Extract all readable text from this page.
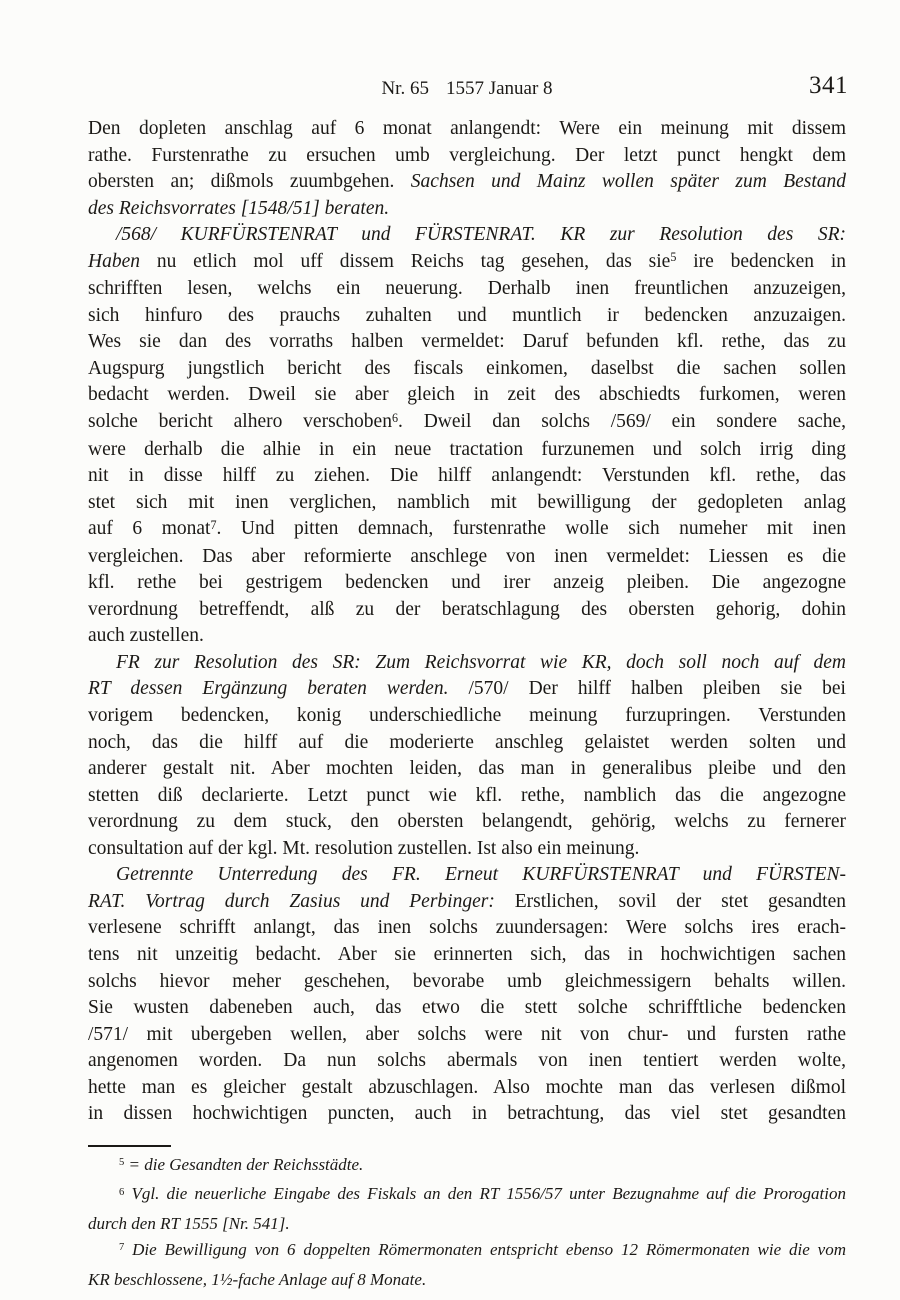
Nr. 65 1557 Januar 8	341
Den dopleten anschlag auf 6 monat anlangendt: Were ein meinung mit dissem
rathe. Furstenrathe zu ersuchen umb vergleichung. Der letzt punct hengkt dem
obersten an; dißmols zuumbgehen. Sachsen und Mainz wollen später zum Bestand
des Reichsvorrates [1548/51] beraten.
/568/ KURFÜRSTENRAT und FÜRSTENRAT. KR zur Resolution des SR:
Haben nu etlich mol uff dissem Reichs tag gesehen, das sie$^5$ ire bedencken in
schrifften lesen, welchs ein neuerung. Derhalb inen freuntlichen anzuzeigen,
sich hinfuro des prauchs zuhalten und muntlich ir bedencken anzuzaigen.
Wes sie dan des vorraths halben vermeldet: Daruf befunden kfl. rethe, das zu
Augspurg jungstlich bericht des fiscals einkomen, daselbst die sachen sollen
bedacht werden. Dweil sie aber gleich in zeit des abschiedts furkomen, weren
solche bericht alhero verschoben$^6$. Dweil dan solchs /569/ ein sondere sache,
were derhalb die alhie in ein neue tractation furzunemen und solch irrig ding
nit in disse hilff zu ziehen. Die hilff anlangendt: Verstunden kfl. rethe, das
stet sich mit inen verglichen, namblich mit bewilligung der gedopleten anlag
auf 6 monat$^7$. Und pitten demnach, furstenrathe wolle sich numeher mit inen
vergleichen. Das aber reformierte anschlege von inen vermeldet: Liessen es die
kfl. rethe bei gestrigem bedencken und irer anzeig pleiben. Die angezogne
verordnung betreffendt, alß zu der beratschlagung des obersten gehorig, dohin
auch zustellen.
FR zur Resolution des SR: Zum Reichsvorrat wie KR, doch soll noch auf dem
RT dessen Ergänzung beraten werden. /570/ Der hilff halben pleiben sie bei
vorigem bedencken, konig underschiedliche meinung furzupringen. Verstunden
noch, das die hilff auf die moderierte anschleg gelaistet werden solten und
anderer gestalt nit. Aber mochten leiden, das man in generalibus pleibe und den
stetten diß declarierte. Letzt punct wie kfl. rethe, namblich das die angezogne
verordnung zu dem stuck, den obersten belangendt, gehörig, welchs zu fernerer
consultation auf der kgl. Mt. resolution zustellen. Ist also ein meinung.
Getrennte Unterredung des FR. Erneut KURFÜRSTENRAT und FÜRSTEN-
RAT. Vortrag durch Zasius und Perbinger: Erstlichen, sovil der stet gesandten
verlesene schrifft anlangt, das inen solchs zuundersagen: Were solchs ires erach-
tens nit unzeitig bedacht. Aber sie erinnerten sich, das in hochwichtigen sachen
solchs hievor meher geschehen, bevorabe umb gleichmessigern behalts willen.
Sie wusten dabeneben auch, das etwo die stett solche schrifftliche bedencken
/571/ mit ubergeben wellen, aber solchs were nit von chur- und fursten rathe
angenomen worden. Da nun solchs abermals von inen tentiert werden wolte,
hette man es gleicher gestalt abzuschlagen. Also mochte man das verlesen dißmol
in dissen hochwichtigen puncten, auch in betrachtung, das viel stet gesandten
$^5$ = die Gesandten der Reichsstädte.
$^6$ Vgl. die neuerliche Eingabe des Fiskals an den RT 1556/57 unter Bezugnahme auf die Prorogation
durch den RT 1555 [Nr. 541].
$^7$ Die Bewilligung von 6 doppelten Römermonaten entspricht ebenso 12 Römermonaten wie die vom
KR beschlossene, 1½-fache Anlage auf 8 Monate.
